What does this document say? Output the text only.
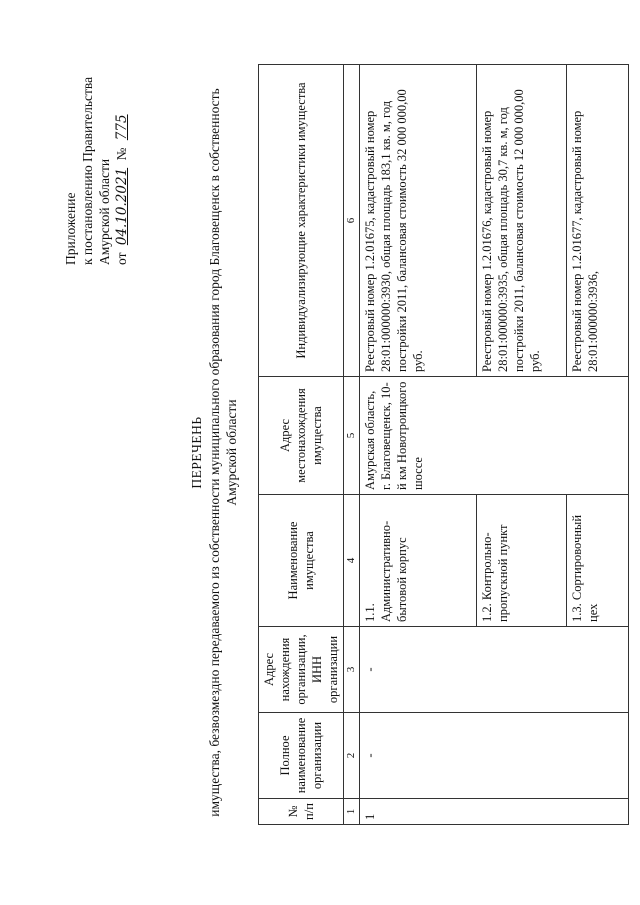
Приложение к постановлению Правительства Амурской области от 04.10.2021 № 775
ПЕРЕЧЕНЬ имущества, безвозмездно передаваемого из собственности муниципального образования город Благовещенск в собственность Амурской области
№ п/п	Полное наименование организации	Адрес нахождения организации, ИНН организации	Наименование имущества	Адрес местонахождения имущества	Индивидуализирующие характеристики имущества
1	2	3	4	5	6
1	-	-	1.1. Административно-бытовой корпус	Амурская область, г. Благовещенск, 10-й км Новотроицкого шоссе	Реестровый номер 1.2.01675, кадастровый номер 28:01:000000:3930, общая площадь 183,1 кв. м, год постройки 2011, балансовая стоимость 32 000 000,00 руб.
			1.2. Контрольно-пропускной пункт		Реестровый номер 1.2.01676, кадастровый номер 28:01:000000:3935, общая площадь 30,7 кв. м, год постройки 2011, балансовая стоимость 12 000 000,00 руб.
			1.3. Сортировочный цех		Реестровый номер 1.2.01677, кадастровый номер 28:01:000000:3936,
